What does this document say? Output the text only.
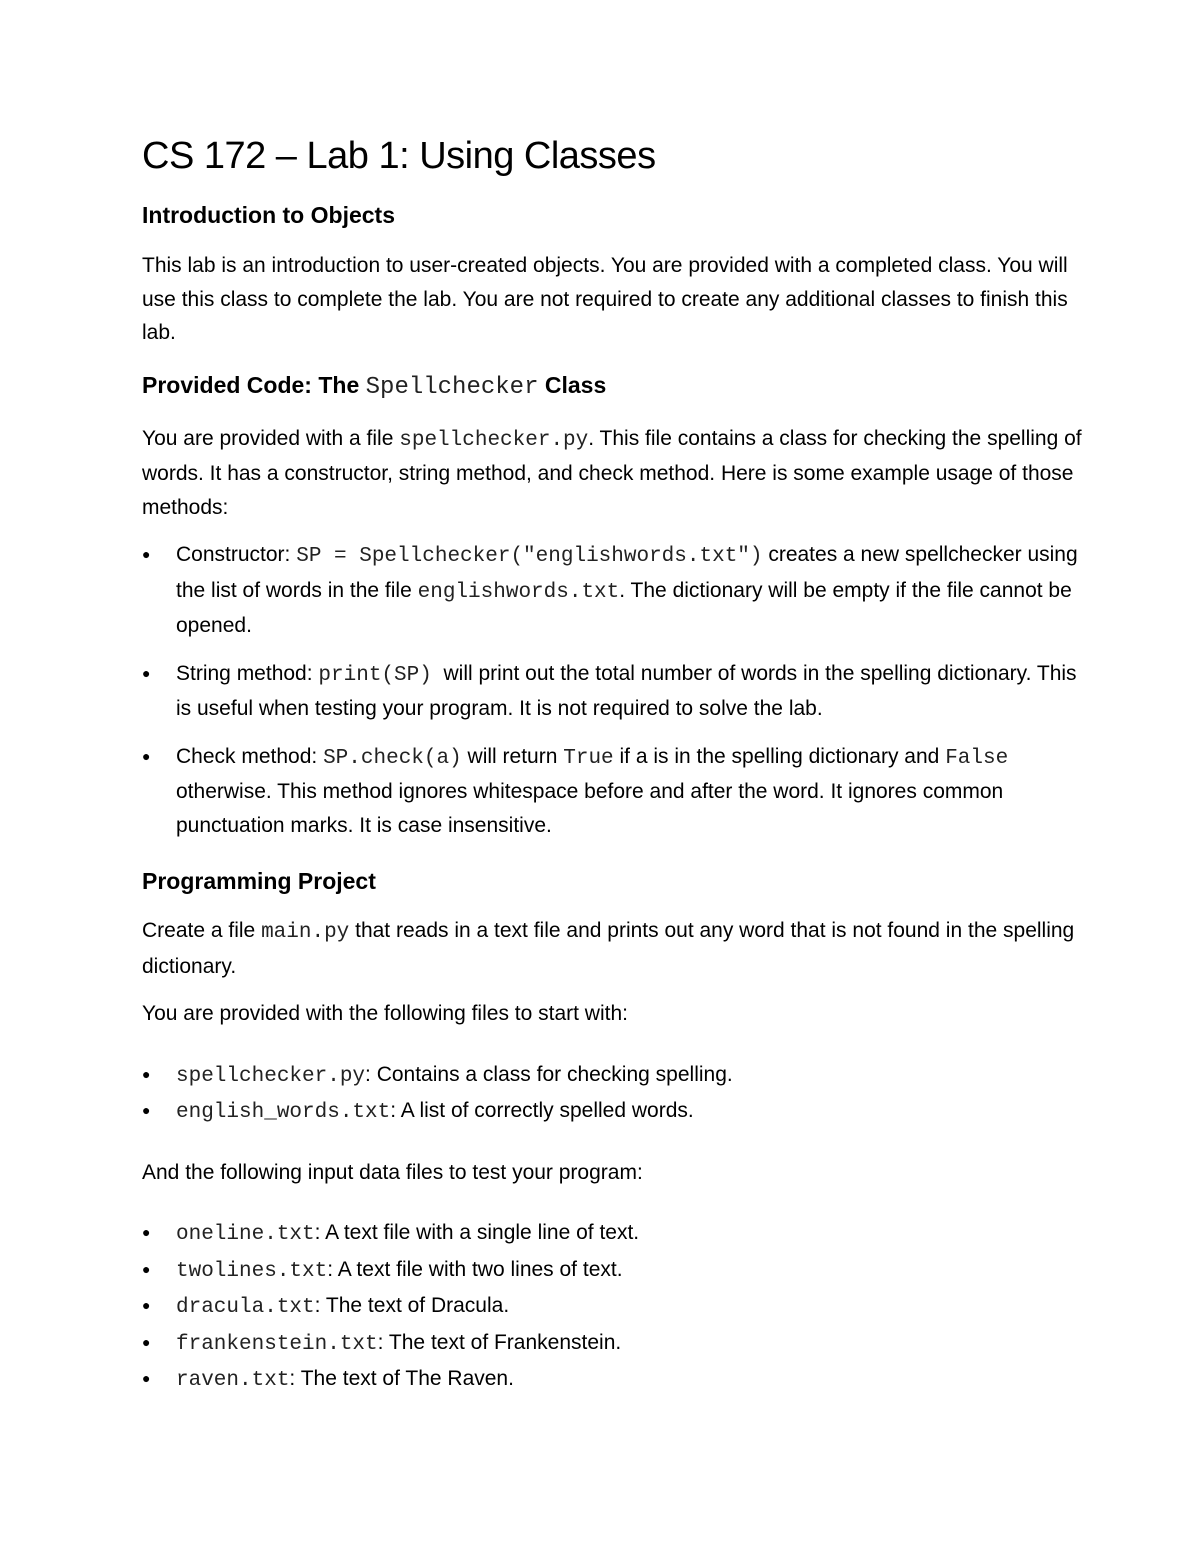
CS 172 – Lab 1: Using Classes
Introduction to Objects

This lab is an introduction to user-created objects. You are provided with a completed class. You will use this class to complete the lab. You are not required to create any additional classes to finish this lab.

Provided Code: The Spellchecker Class

You are provided with a file spellchecker.py. This file contains a class for checking the spelling of words. It has a constructor, string method, and check method. Here is some example usage of those methods:

●	Constructor: SP = Spellchecker("englishwords.txt") creates a new spellchecker using the list of words in the file englishwords.txt. The dictionary will be empty if the file cannot be opened.
●	String method: print(SP)  will print out the total number of words in the spelling dictionary. This is useful when testing your program. It is not required to solve the lab.
●	Check method: SP.check(a) will return True if a is in the spelling dictionary and False otherwise. This method ignores whitespace before and after the word. It ignores common punctuation marks. It is case insensitive.
Programming Project

Create a file main.py that reads in a text file and prints out any word that is not found in the spelling dictionary.

You are provided with the following files to start with:

●	spellchecker.py: Contains a class for checking spelling.
●	english_words.txt: A list of correctly spelled words.

And the following input data files to test your program:

●	oneline.txt: A text file with a single line of text.
●	twolines.txt: A text file with two lines of text.
●	dracula.txt: The text of Dracula.
●	frankenstein.txt: The text of Frankenstein.
●	raven.txt: The text of The Raven.
